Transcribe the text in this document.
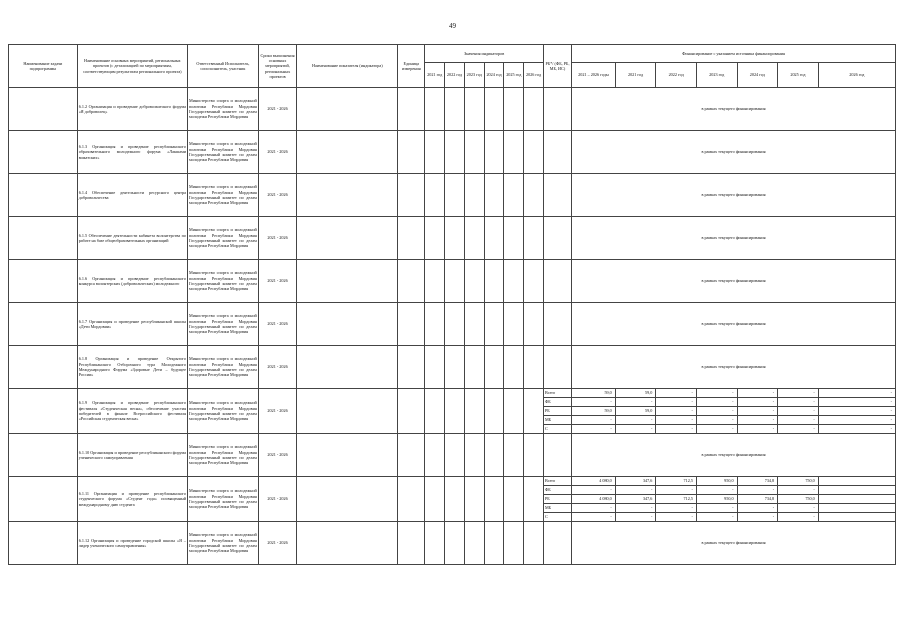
49
Наименование задачи подпрограммы	Наименование основных мероприятий, региональных проектов (с детализацией по мероприятиям, соответствующим результатам регионального проекта)	Ответственный Исполнитель, соисполнитель, участник	Сроки выполнения основных мероприятий, региональных проектов	Наименование показателя (индикатора)	Единица измерения	Значения индикаторов						РБ*/ (ФБ, РБ, МБ, ИС)	Финансирование с указанием источника финансирования						
						2021 год	2022 год	2023 год	2024 год	2025 год	2026 год		2021 – 2026 годы	2021 год	2022 год	2023 год	2024 год	2025 год	2026 год
	6.1.2 Организация и проведение добровольческого форума «Я доброволец»	Министерство спорта и молодежной политики Республики Мордовия Государственный комитет по делам молодежи Республики Мордовия	2021 - 2026										в рамках текущего финансирования						
	6.1.3 Организация и проведение республиканского образовательного молодежного форума «Лакшами вожатских»	Министерство спорта и молодежной политики Республики Мордовия Государственный комитет по делам молодежи Республики Мордовия	2021 - 2026										в рамках текущего финансирования						
	6.1.4 Обеспечение деятельности ресурсного центра добровольчества	Министерство спорта и молодежной политики Республики Мордовия Государственный комитет по делам молодежи Республики Мордовия	2021 - 2026										в рамках текущего финансирования						
	6.1.5 Обеспечение деятельности кабинета волонтерства по работе на базе общеобразовательных организаций	Министерство спорта и молодежной политики Республики Мордовия Государственный комитет по делам молодежи Республики Мордовия	2021 - 2026										в рамках текущего финансирования						
	6.1.6 Организация и проведение республиканского конкурса волонтерских (добровольческих) молодежного	Министерство спорта и молодежной политики Республики Мордовия Государственный комитет по делам молодежи Республики Мордовия	2021 - 2026										в рамках текущего финансирования						
	6.1.7 Организация и проведение республиканской школы «Дети Мордовии»	Министерство спорта и молодежной политики Республики Мордовия Государственный комитет по делам молодежи Республики Мордовия	2021 - 2026										в рамках текущего финансирования						
	6.1.8 Организация и проведение Открытого Республиканского Отборочного тура Молодежного Международного Форума «Здоровые Дети – будущее России»	Министерство спорта и молодежной политики Республики Мордовия Государственный комитет по делам молодежи Республики Мордовия	2021 - 2026										в рамках текущего финансирования						
	6.1.9 Организация и проведение республиканского фестиваля «Студенческая весна», обеспечение участия победителей в финале Всероссийского фестиваля «Российская студенческая весна»	Министерство спорта и молодежной политики Республики Мордовия Государственный комитет по делам молодежи Республики Мордовия	2021 - 2026									Всего	59,0	59,0	-	-	-	-	-
												ФБ	-	-	-	-	-	-	-
												РБ	59,0	59,0	-	-	-	-	-
												МБ	-	-	-	-	-	-	-
												С	-	-	-	-	-	-	-
	6.1.10 Организация и проведение республиканского форума ученического самоуправления	Министерство спорта и молодежной политики Республики Мордовия Государственный комитет по делам молодежи Республики Мордовия	2021 - 2026										в рамках текущего финансирования						
	6.1.11 Организация и проведение республиканского студенческого форума «Студент года» посвященный международному дню студента	Министерство спорта и молодежной политики Республики Мордовия Государственный комитет по делам молодежи Республики Мордовия	2021 - 2026									Всего	4 080,0	347,6	712,5	950,0	734,8	750,0	
												ФБ	-	-	-	-	-	-	
												РБ	4 080,0	347,6	712,5	950,0	734,8	750,0	
												МБ	-	-	-	-	-	-	
												С	-	-	-	-	-	-	
	6.1.12 Организация и проведение городской школы «Я – лидер ученического самоуправления»	Министерство спорта и молодежной политики Республики Мордовия Государственный комитет по делам молодежи Республики Мордовия	2021 - 2026										в рамках текущего финансирования						
